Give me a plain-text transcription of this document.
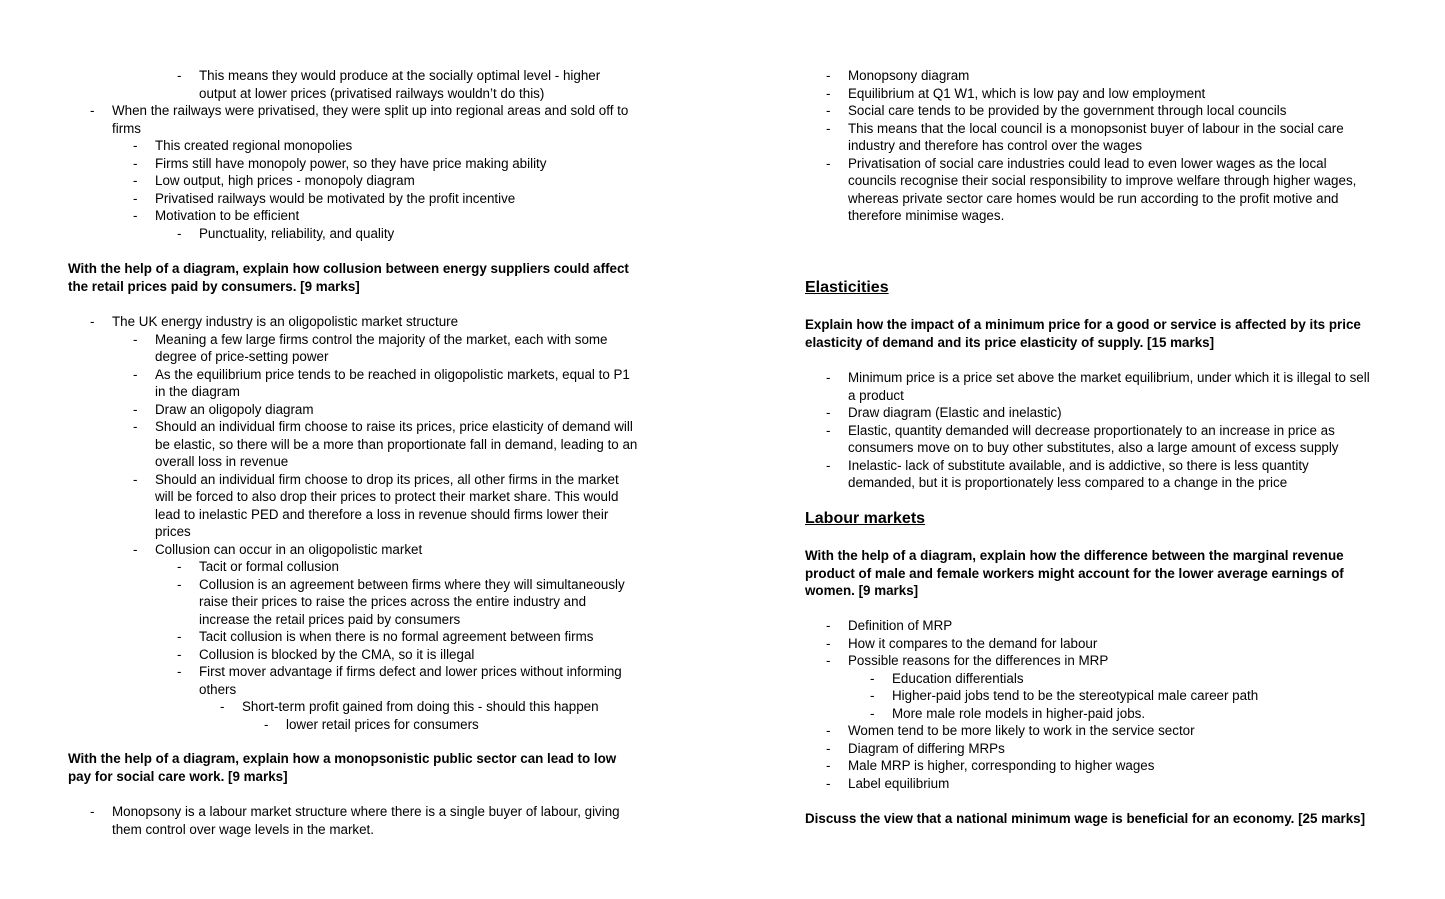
- This means they would produce at the socially optimal level - higher
output at lower prices (privatised railways wouldn’t do this)
- When the railways were privatised, they were split up into regional areas and sold off to
firms
- This created regional monopolies
- Firms still have monopoly power, so they have price making ability
- Low output, high prices - monopoly diagram
- Privatised railways would be motivated by the profit incentive
- Motivation to be efficient
- Punctuality, reliability, and quality
With the help of a diagram, explain how collusion between energy suppliers could affect
the retail prices paid by consumers. [9 marks]
- The UK energy industry is an oligopolistic market structure
- Meaning a few large firms control the majority of the market, each with some
degree of price-setting power
- As the equilibrium price tends to be reached in oligopolistic markets, equal to P1
in the diagram
- Draw an oligopoly diagram
- Should an individual firm choose to raise its prices, price elasticity of demand will
be elastic, so there will be a more than proportionate fall in demand, leading to an
overall loss in revenue
- Should an individual firm choose to drop its prices, all other firms in the market
will be forced to also drop their prices to protect their market share. This would
lead to inelastic PED and therefore a loss in revenue should firms lower their
prices
- Collusion can occur in an oligopolistic market
- Tacit or formal collusion
- Collusion is an agreement between firms where they will simultaneously
raise their prices to raise the prices across the entire industry and
increase the retail prices paid by consumers
- Tacit collusion is when there is no formal agreement between firms
- Collusion is blocked by the CMA, so it is illegal
- First mover advantage if firms defect and lower prices without informing
others
- Short-term profit gained from doing this - should this happen
- lower retail prices for consumers
With the help of a diagram, explain how a monopsonistic public sector can lead to low
pay for social care work. [9 marks]
- Monopsony is a labour market structure where there is a single buyer of labour, giving
them control over wage levels in the market.
- Monopsony diagram
- Equilibrium at Q1 W1, which is low pay and low employment
- Social care tends to be provided by the government through local councils
- This means that the local council is a monopsonist buyer of labour in the social care
industry and therefore has control over the wages
- Privatisation of social care industries could lead to even lower wages as the local
councils recognise their social responsibility to improve welfare through higher wages,
whereas private sector care homes would be run according to the profit motive and
therefore minimise wages.
Elasticities
Explain how the impact of a minimum price for a good or service is affected by its price
elasticity of demand and its price elasticity of supply. [15 marks]
- Minimum price is a price set above the market equilibrium, under which it is illegal to sell
a product
- Draw diagram (Elastic and inelastic)
- Elastic, quantity demanded will decrease proportionately to an increase in price as
consumers move on to buy other substitutes, also a large amount of excess supply
- Inelastic- lack of substitute available, and is addictive, so there is less quantity
demanded, but it is proportionately less compared to a change in the price
Labour markets
With the help of a diagram, explain how the difference between the marginal revenue
product of male and female workers might account for the lower average earnings of
women. [9 marks]
- Definition of MRP
- How it compares to the demand for labour
- Possible reasons for the differences in MRP
- Education differentials
- Higher-paid jobs tend to be the stereotypical male career path
- More male role models in higher-paid jobs.
- Women tend to be more likely to work in the service sector
- Diagram of differing MRPs
- Male MRP is higher, corresponding to higher wages
- Label equilibrium
Discuss the view that a national minimum wage is beneficial for an economy. [25 marks]
